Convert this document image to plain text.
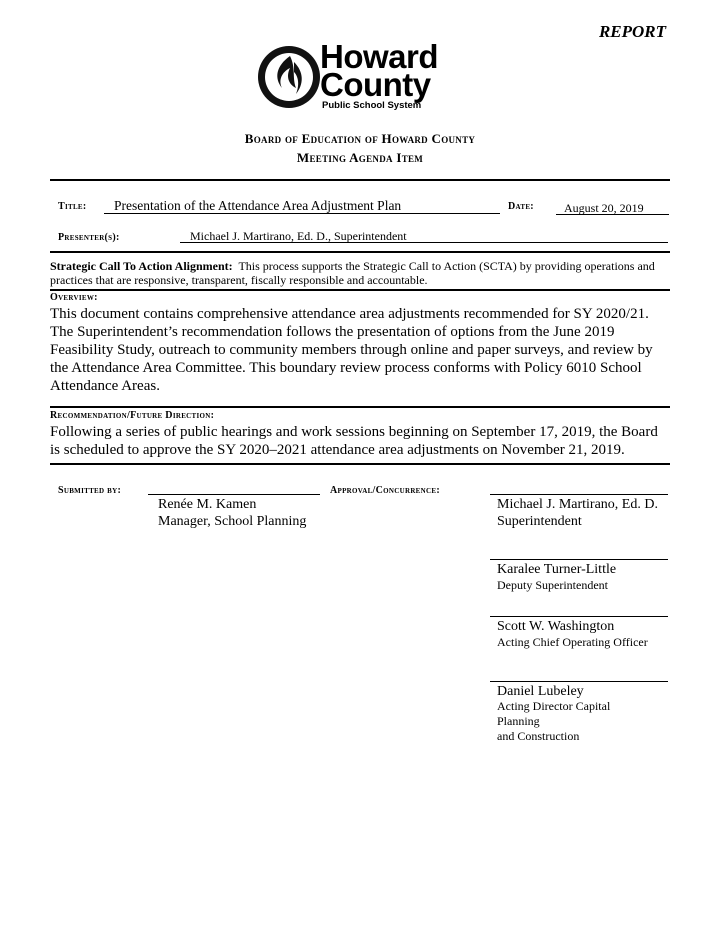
REPORT
Howard
County
Public School System
Board of Education of Howard County
Meeting Agenda Item
Title:	Presentation of the Attendance Area Adjustment Plan	Date:	August 20, 2019
Presenter(s):	Michael J. Martirano, Ed. D., Superintendent
Strategic Call To Action Alignment: This process supports the Strategic Call to Action (SCTA) by providing operations and practices that are responsive, transparent, fiscally responsible and accountable.
Overview:
This document contains comprehensive attendance area adjustments recommended for SY 2020/21. The Superintendent’s recommendation follows the presentation of options from the June 2019 Feasibility Study, outreach to community members through online and paper surveys, and review by the Attendance Area Committee. This boundary review process conforms with Policy 6010 School Attendance Areas.
Recommendation/Future Direction:
Following a series of public hearings and work sessions beginning on September 17, 2019, the Board is scheduled to approve the SY 2020–2021 attendance area adjustments on November 21, 2019.
Submitted by:
Renée M. Kamen
Manager, School Planning
Approval/Concurrence:
Michael J. Martirano, Ed. D.
Superintendent
Karalee Turner-Little
Deputy Superintendent
Scott W. Washington
Acting Chief Operating Officer
Daniel Lubeley
Acting Director Capital
Planning
and Construction
